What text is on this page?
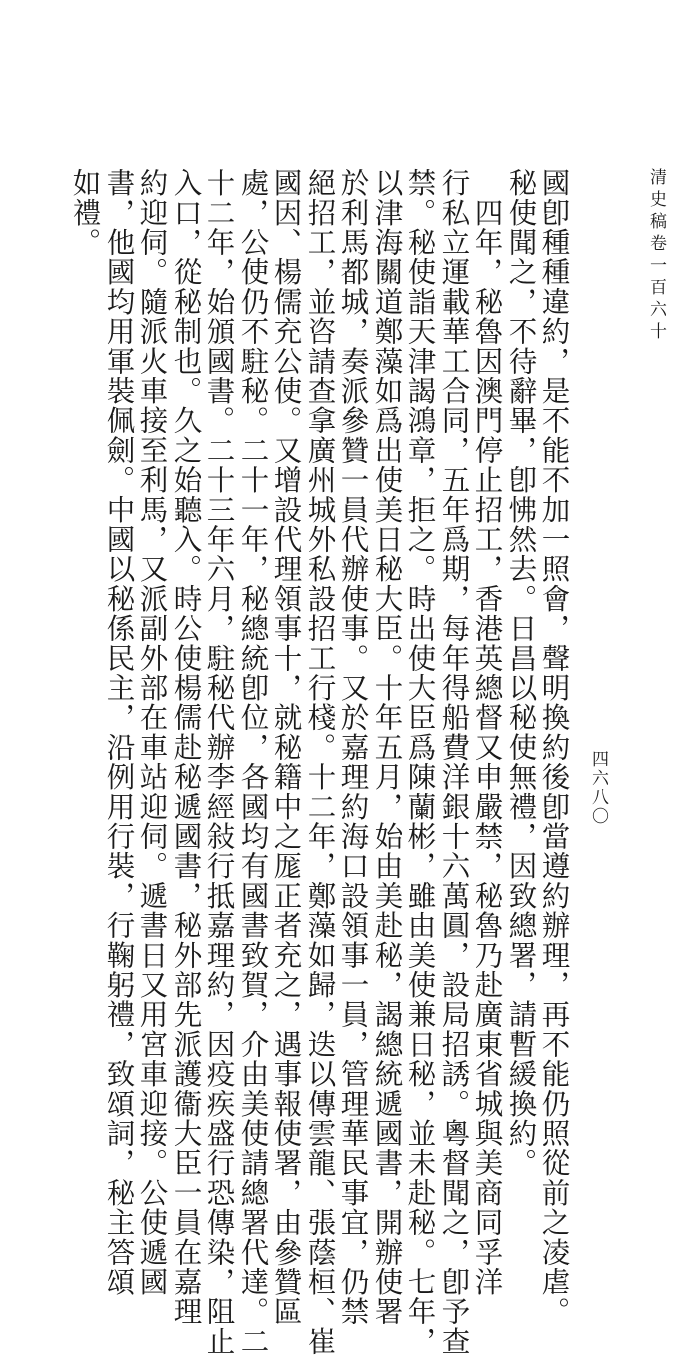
清史稿卷一百六十
四六八〇
國卽種種違約，是不能不加一照會，聲明換約後卽當遵約辦理，再不能仍照從前之凌虐。
秘使聞之，不待辭畢，卽怫然去。日昌以秘使無禮，因致總署，請暫緩換約。
　四年，秘魯因澳門停止招工，香港英總督又申嚴禁，秘魯乃赴廣東省城與美商同孚洋
行私立運載華工合同，五年爲期，每年得船費洋銀十六萬圓，設局招誘。粵督聞之，卽予查
禁。秘使詣天津謁鴻章，拒之。時出使大臣爲陳蘭彬，雖由美使兼日秘，並未赴秘。七年，
以津海關道鄭藻如爲出使美日秘大臣。十年五月，始由美赴秘，謁總統遞國書，開辦使署
於利馬都城，奏派參贊一員代辦使事。又於嘉理約海口設領事一員，管理華民事宜，仍禁
絕招工，並咨請查拿廣州城外私設招工行棧。十二年，鄭藻如歸，迭以傳雲龍、張蔭桓、崔
國因、楊儒充公使。又增設代理領事十，就秘籍中之厖正者充之，遇事報使署，由參贊區
處，公使仍不駐秘。二十一年，秘總統卽位，各國均有國書致賀，介由美使請總署代達。二
十二年，始頒國書。二十三年六月，駐秘代辦李經敍行抵嘉理約，因疫疾盛行恐傳染，阻止
入口，從秘制也。久之始聽入。時公使楊儒赴秘遞國書，秘外部先派護衞大臣一員在嘉理
約迎伺。隨派火車接至利馬，又派副外部在車站迎伺。遞書日又用宮車迎接。公使遞國
書，他國均用軍裝佩劍。中國以秘係民主，沿例用行裝，行鞠躬禮，致頌詞，秘主答頌
如禮。
